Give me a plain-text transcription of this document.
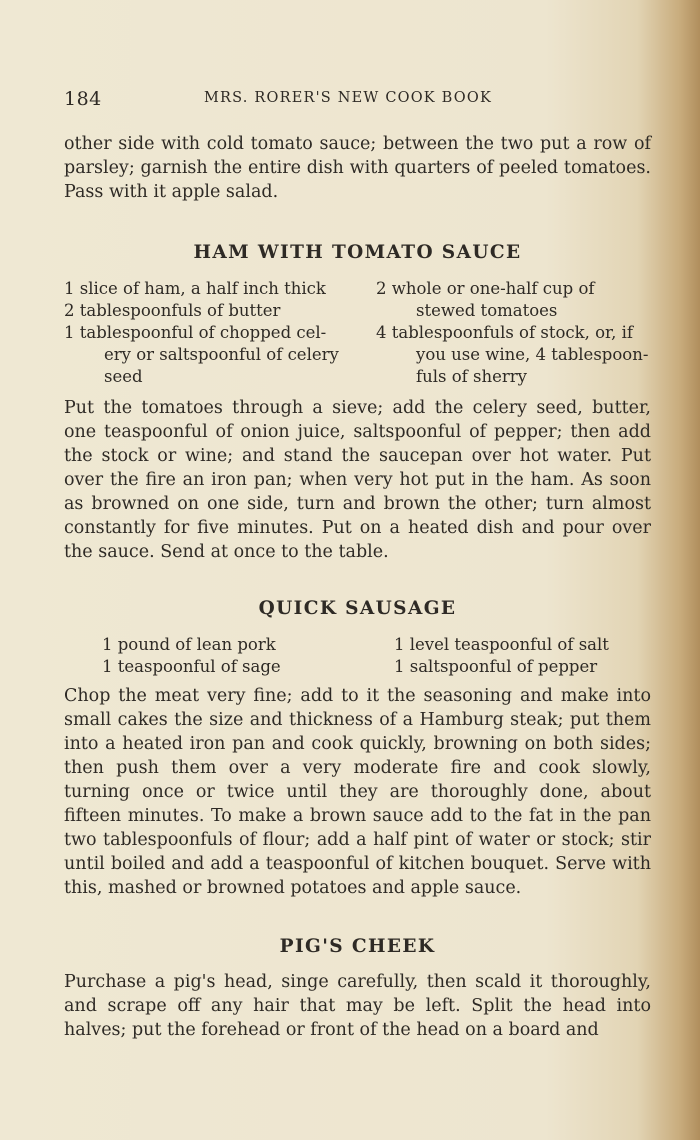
184	MRS. RORER'S NEW COOK BOOK

other side with cold tomato sauce; between the two put a row of parsley; garnish the entire dish with quarters of peeled tomatoes. Pass with it apple salad.

HAM WITH TOMATO SAUCE
1 slice of ham, a half inch thick
2 tablespoonfuls of butter
1 tablespoonful of chopped cel-
ery or saltspoonful of celery seed
2 whole or one-half cup of
stewed tomatoes
4 tablespoonfuls of stock, or, if
you use wine, 4 tablespoon-fuls of sherry

Put the tomatoes through a sieve; add the celery seed, butter, one teaspoonful of onion juice, saltspoonful of pepper; then add the stock or wine; and stand the saucepan over hot water. Put over the fire an iron pan; when very hot put in the ham. As soon as browned on one side, turn and brown the other; turn almost constantly for five minutes. Put on a heated dish and pour over the sauce. Send at once to the table.

QUICK SAUSAGE
1 pound of lean pork
1 teaspoonful of sage
1 level teaspoonful of salt
1 saltspoonful of pepper

Chop the meat very fine; add to it the seasoning and make into small cakes the size and thickness of a Hamburg steak; put them into a heated iron pan and cook quickly, browning on both sides; then push them over a very moderate fire and cook slowly, turning once or twice until they are thoroughly done, about fifteen minutes. To make a brown sauce add to the fat in the pan two tablespoonfuls of flour; add a half pint of water or stock; stir until boiled and add a teaspoonful of kitchen bouquet. Serve with this, mashed or browned potatoes and apple sauce.

PIG'S CHEEK

Purchase a pig's head, singe carefully, then scald it thoroughly, and scrape off any hair that may be left. Split the head into halves; put the forehead or front of the head on a board and
